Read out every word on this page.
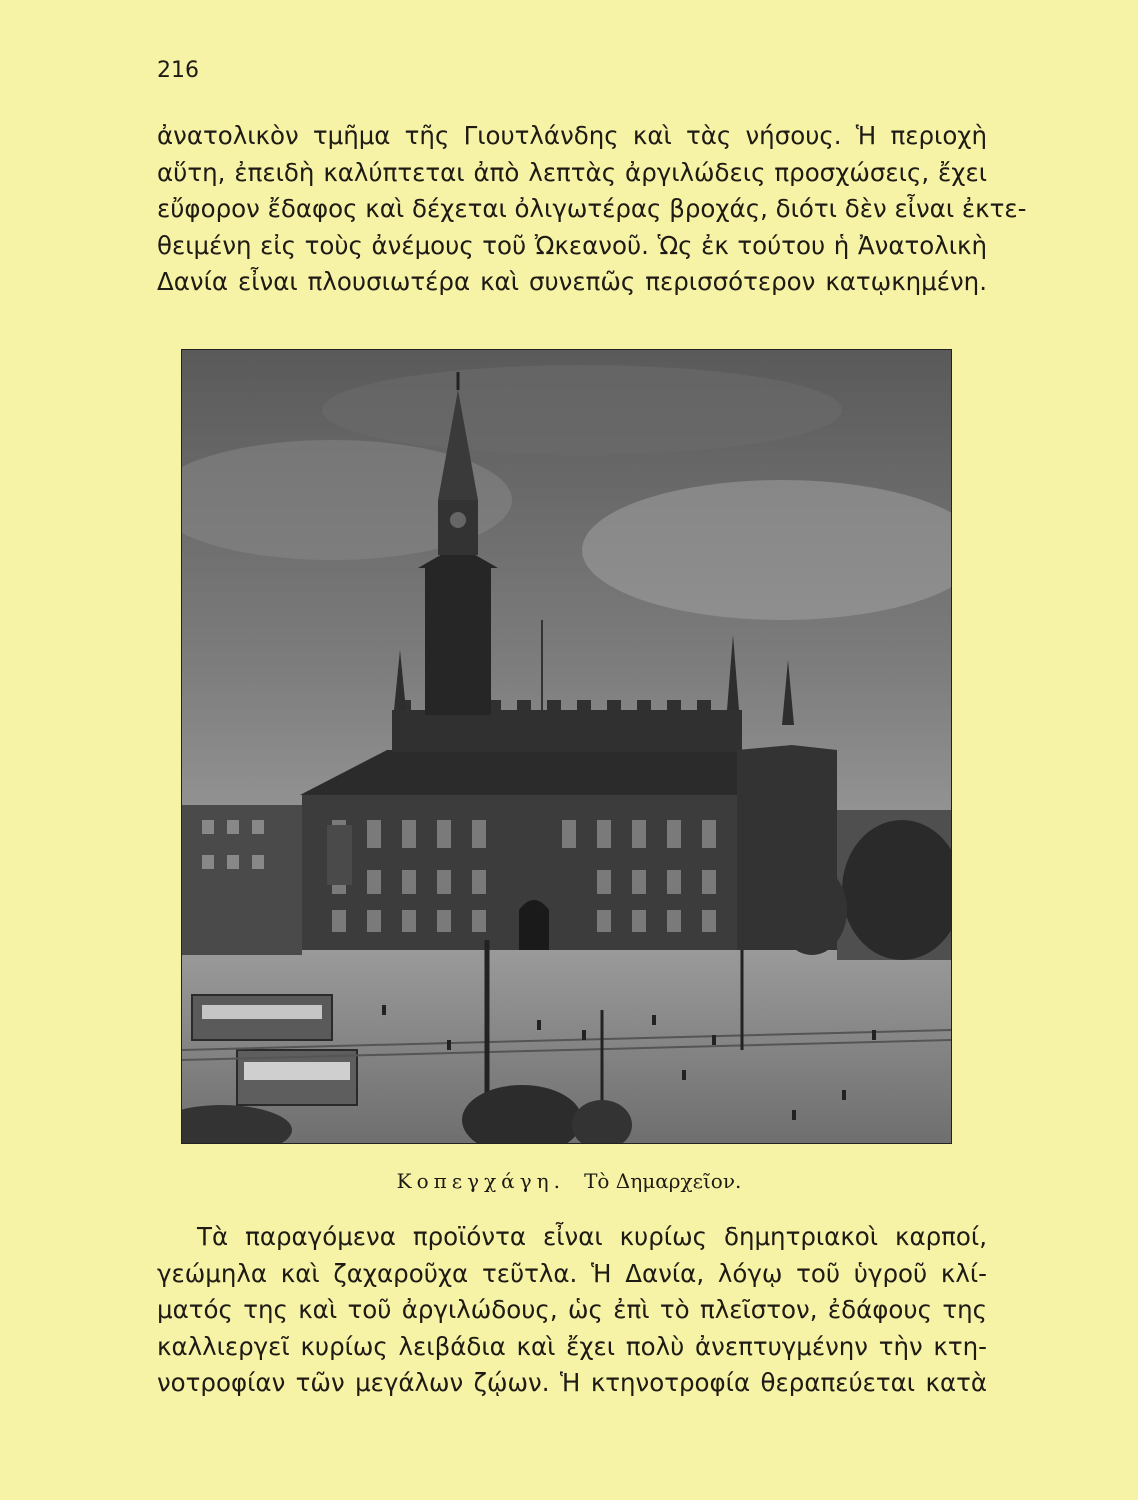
216
ἀνατολικὸν τμῆμα τῆς Γιουτλάνδης καὶ τὰς νήσους. Ἡ περιοχὴ
αὕτη, ἐπειδὴ καλύπτεται ἀπὸ λεπτὰς ἀργιλώδεις προσχώσεις, ἔχει
εὔφορον ἔδαφος καὶ δέχεται ὀλιγωτέρας βροχάς, διότι δὲν εἶναι ἐκτε-
θειμένη εἰς τοὺς ἀνέμους τοῦ Ὠκεανοῦ. Ὡς ἐκ τούτου ἡ Ἀνατολικὴ
Δανία εἶναι πλουσιωτέρα καὶ συνεπῶς περισσότερον κατῳκημένη.
Κοπεγχάγη. Τὸ Δημαρχεῖον.
Τὰ παραγόμενα προϊόντα εἶναι κυρίως δημητριακοὶ καρποί,
γεώμηλα καὶ ζαχαροῦχα τεῦτλα. Ἡ Δανία, λόγῳ τοῦ ὑγροῦ κλί-
ματός της καὶ τοῦ ἀργιλώδους, ὡς ἐπὶ τὸ πλεῖστον, ἐδάφους της
καλλιεργεῖ κυρίως λειβάδια καὶ ἔχει πολὺ ἀνεπτυγμένην τὴν κτη-
νοτροφίαν τῶν μεγάλων ζῴων. Ἡ κτηνοτροφία θεραπεύεται κατὰ
